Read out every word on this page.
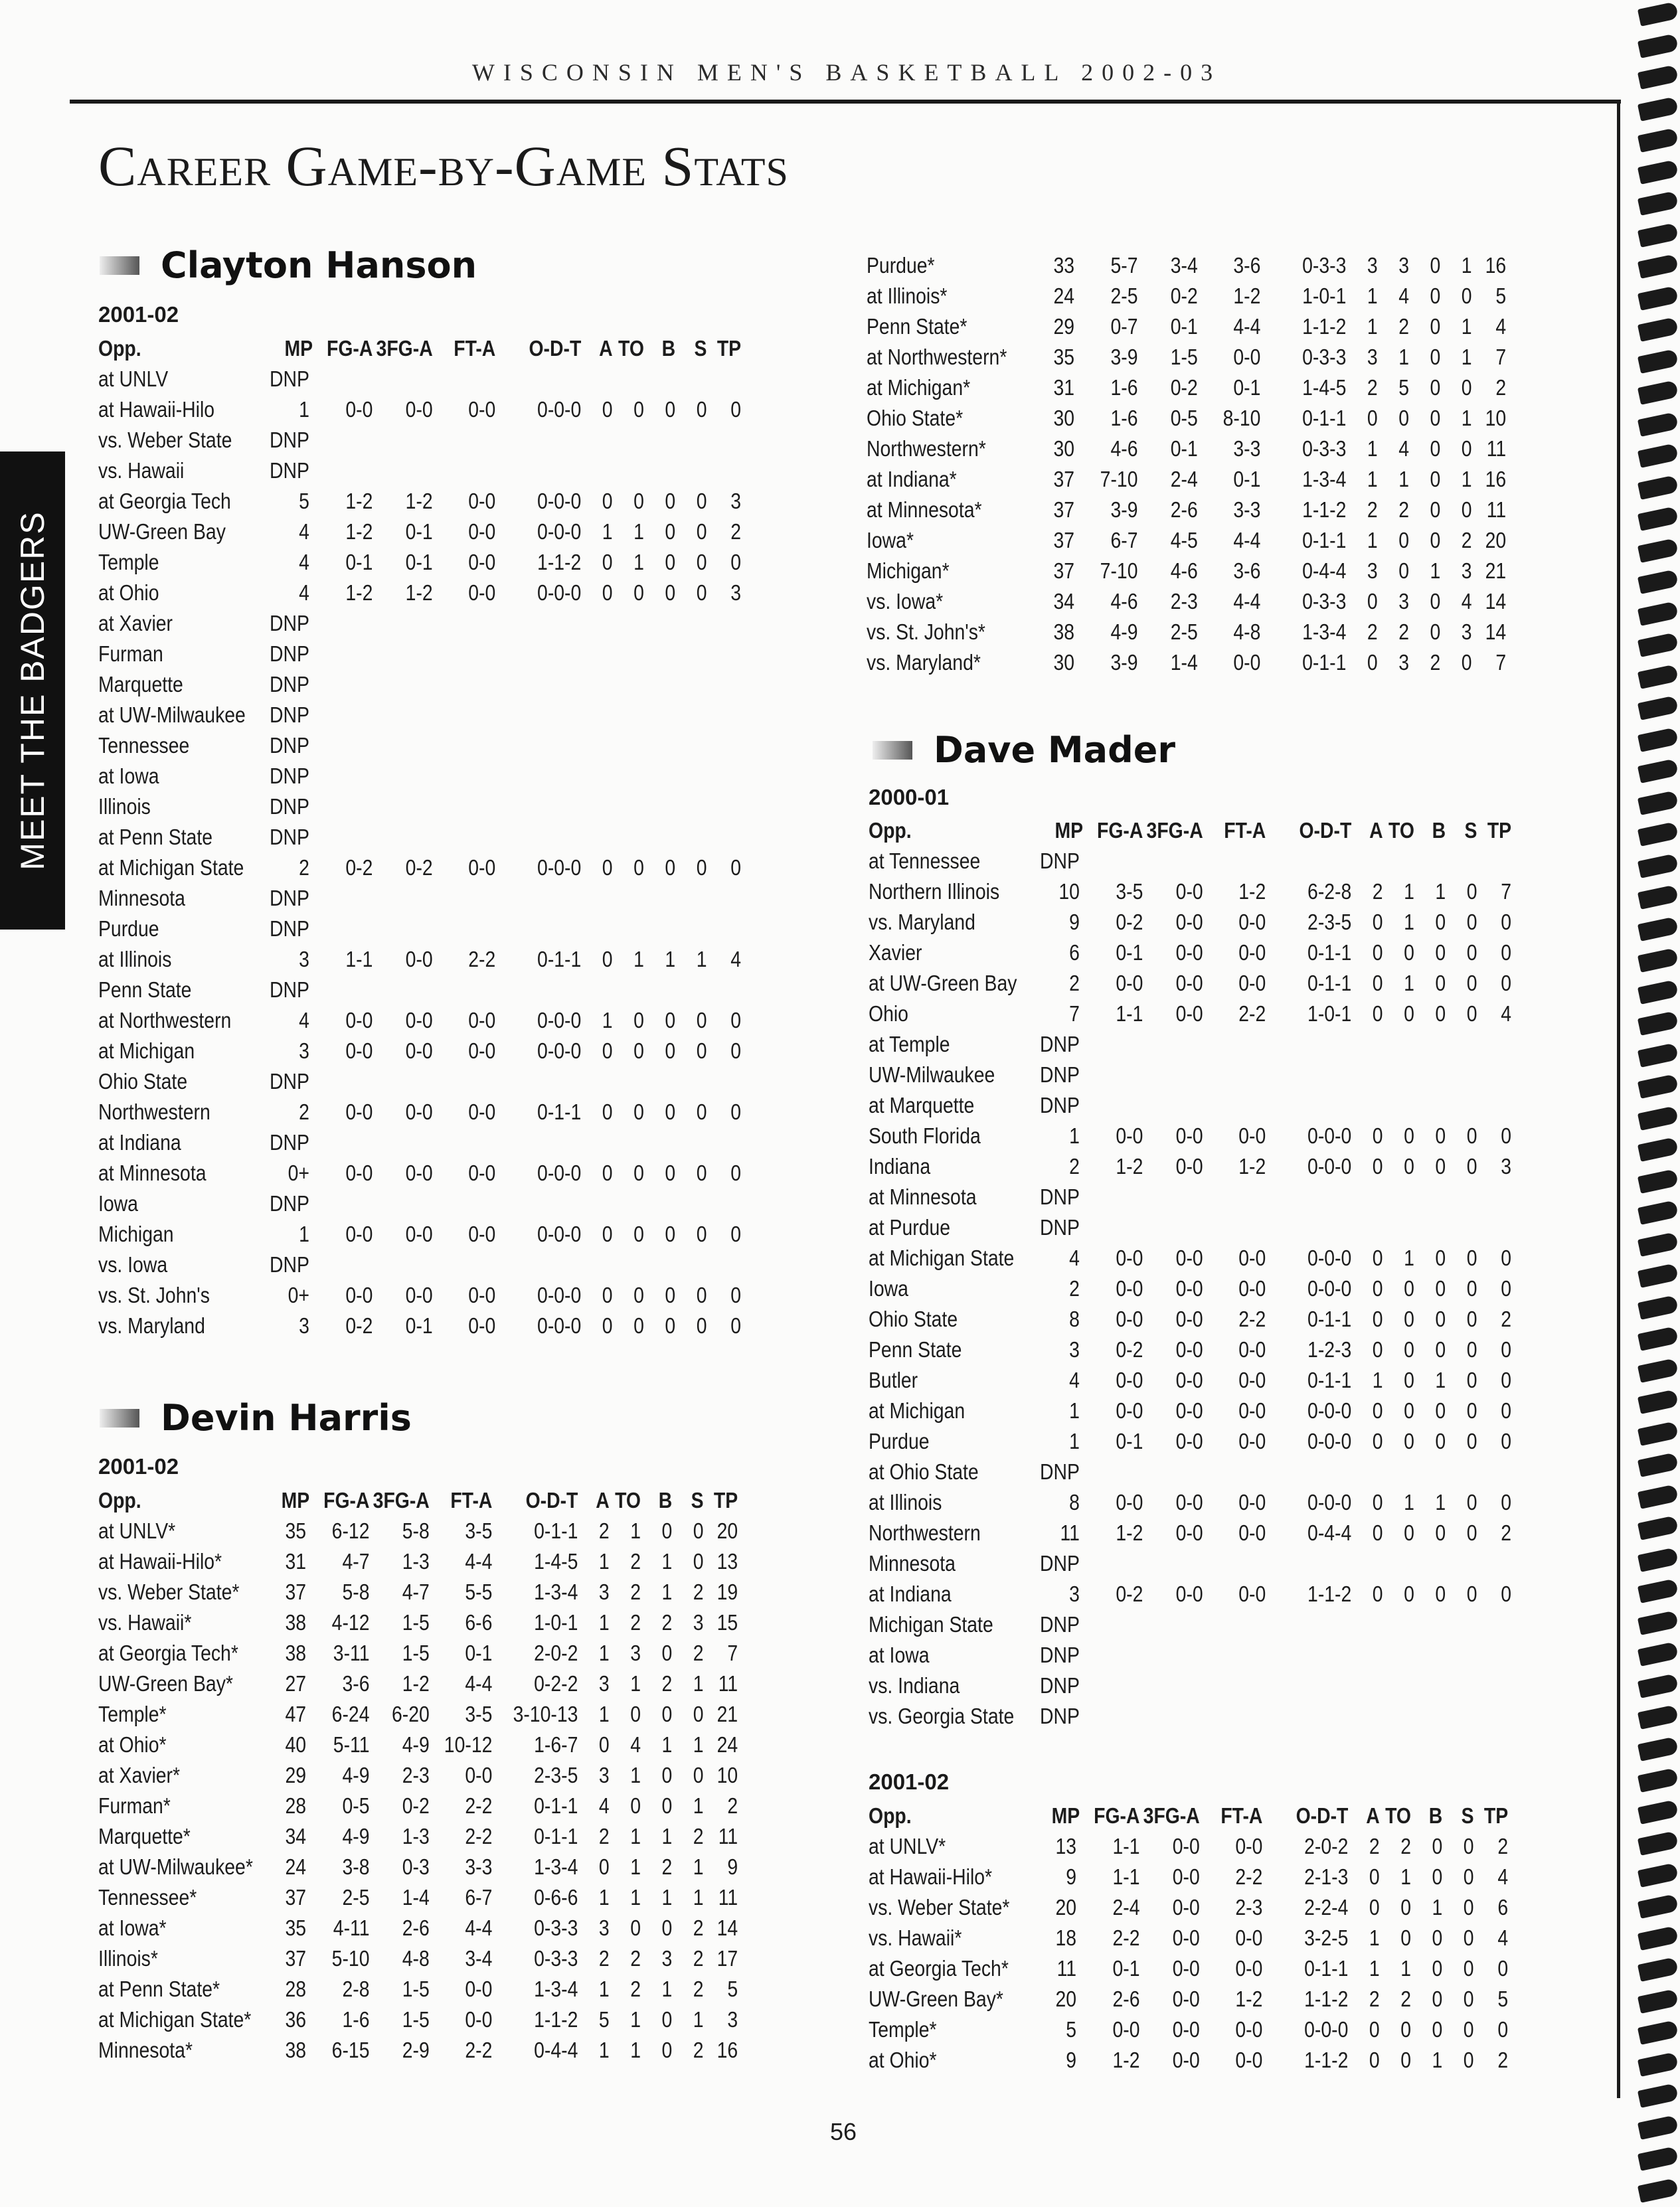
WISCONSIN MEN'S BASKETBALL 2002-03
MEET THE BADGERS
Career Game-by-Game Stats
Clayton Hanson
2001-02
Opp.	MP	FG-A	3FG-A	FT-A	O-D-T	A	TO	B	S	TP
at UNLV	DNP									
at Hawaii-Hilo	1	0-0	0-0	0-0	0-0-0	0	0	0	0	0
vs. Weber State	DNP									
vs. Hawaii	DNP									
at Georgia Tech	5	1-2	1-2	0-0	0-0-0	0	0	0	0	3
UW-Green Bay	4	1-2	0-1	0-0	0-0-0	1	1	0	0	2
Temple	4	0-1	0-1	0-0	1-1-2	0	1	0	0	0
at Ohio	4	1-2	1-2	0-0	0-0-0	0	0	0	0	3
at Xavier	DNP									
Furman	DNP									
Marquette	DNP									
at UW-Milwaukee	DNP									
Tennessee	DNP									
at Iowa	DNP									
Illinois	DNP									
at Penn State	DNP									
at Michigan State	2	0-2	0-2	0-0	0-0-0	0	0	0	0	0
Minnesota	DNP									
Purdue	DNP									
at Illinois	3	1-1	0-0	2-2	0-1-1	0	1	1	1	4
Penn State	DNP									
at Northwestern	4	0-0	0-0	0-0	0-0-0	1	0	0	0	0
at Michigan	3	0-0	0-0	0-0	0-0-0	0	0	0	0	0
Ohio State	DNP									
Northwestern	2	0-0	0-0	0-0	0-1-1	0	0	0	0	0
at Indiana	DNP									
at Minnesota	0+	0-0	0-0	0-0	0-0-0	0	0	0	0	0
Iowa	DNP									
Michigan	1	0-0	0-0	0-0	0-0-0	0	0	0	0	0
vs. Iowa	DNP									
vs. St. John's	0+	0-0	0-0	0-0	0-0-0	0	0	0	0	0
vs. Maryland	3	0-2	0-1	0-0	0-0-0	0	0	0	0	0
Devin Harris
2001-02
Opp.	MP	FG-A	3FG-A	FT-A	O-D-T	A	TO	B	S	TP
at UNLV*	35	6-12	5-8	3-5	0-1-1	2	1	0	0	20
at Hawaii-Hilo*	31	4-7	1-3	4-4	1-4-5	1	2	1	0	13
vs. Weber State*	37	5-8	4-7	5-5	1-3-4	3	2	1	2	19
vs. Hawaii*	38	4-12	1-5	6-6	1-0-1	1	2	2	3	15
at Georgia Tech*	38	3-11	1-5	0-1	2-0-2	1	3	0	2	7
UW-Green Bay*	27	3-6	1-2	4-4	0-2-2	3	1	2	1	11
Temple*	47	6-24	6-20	3-5	3-10-13	1	0	0	0	21
at Ohio*	40	5-11	4-9	10-12	1-6-7	0	4	1	1	24
at Xavier*	29	4-9	2-3	0-0	2-3-5	3	1	0	0	10
Furman*	28	0-5	0-2	2-2	0-1-1	4	0	0	1	2
Marquette*	34	4-9	1-3	2-2	0-1-1	2	1	1	2	11
at UW-Milwaukee*	24	3-8	0-3	3-3	1-3-4	0	1	2	1	9
Tennessee*	37	2-5	1-4	6-7	0-6-6	1	1	1	1	11
at Iowa*	35	4-11	2-6	4-4	0-3-3	3	0	0	2	14
Illinois*	37	5-10	4-8	3-4	0-3-3	2	2	3	2	17
at Penn State*	28	2-8	1-5	0-0	1-3-4	1	2	1	2	5
at Michigan State*	36	1-6	1-5	0-0	1-1-2	5	1	0	1	3
Minnesota*	38	6-15	2-9	2-2	0-4-4	1	1	0	2	16
Purdue*	33	5-7	3-4	3-6	0-3-3	3	3	0	1	16
at Illinois*	24	2-5	0-2	1-2	1-0-1	1	4	0	0	5
Penn State*	29	0-7	0-1	4-4	1-1-2	1	2	0	1	4
at Northwestern*	35	3-9	1-5	0-0	0-3-3	3	1	0	1	7
at Michigan*	31	1-6	0-2	0-1	1-4-5	2	5	0	0	2
Ohio State*	30	1-6	0-5	8-10	0-1-1	0	0	0	1	10
Northwestern*	30	4-6	0-1	3-3	0-3-3	1	4	0	0	11
at Indiana*	37	7-10	2-4	0-1	1-3-4	1	1	0	1	16
at Minnesota*	37	3-9	2-6	3-3	1-1-2	2	2	0	0	11
Iowa*	37	6-7	4-5	4-4	0-1-1	1	0	0	2	20
Michigan*	37	7-10	4-6	3-6	0-4-4	3	0	1	3	21
vs. Iowa*	34	4-6	2-3	4-4	0-3-3	0	3	0	4	14
vs. St. John's*	38	4-9	2-5	4-8	1-3-4	2	2	0	3	14
vs. Maryland*	30	3-9	1-4	0-0	0-1-1	0	3	2	0	7
Dave Mader
2000-01
Opp.	MP	FG-A	3FG-A	FT-A	O-D-T	A	TO	B	S	TP
at Tennessee	DNP									
Northern Illinois	10	3-5	0-0	1-2	6-2-8	2	1	1	0	7
vs. Maryland	9	0-2	0-0	0-0	2-3-5	0	1	0	0	0
Xavier	6	0-1	0-0	0-0	0-1-1	0	0	0	0	0
at UW-Green Bay	2	0-0	0-0	0-0	0-1-1	0	1	0	0	0
Ohio	7	1-1	0-0	2-2	1-0-1	0	0	0	0	4
at Temple	DNP									
UW-Milwaukee	DNP									
at Marquette	DNP									
South Florida	1	0-0	0-0	0-0	0-0-0	0	0	0	0	0
Indiana	2	1-2	0-0	1-2	0-0-0	0	0	0	0	3
at Minnesota	DNP									
at Purdue	DNP									
at Michigan State	4	0-0	0-0	0-0	0-0-0	0	1	0	0	0
Iowa	2	0-0	0-0	0-0	0-0-0	0	0	0	0	0
Ohio State	8	0-0	0-0	2-2	0-1-1	0	0	0	0	2
Penn State	3	0-2	0-0	0-0	1-2-3	0	0	0	0	0
Butler	4	0-0	0-0	0-0	0-1-1	1	0	1	0	0
at Michigan	1	0-0	0-0	0-0	0-0-0	0	0	0	0	0
Purdue	1	0-1	0-0	0-0	0-0-0	0	0	0	0	0
at Ohio State	DNP									
at Illinois	8	0-0	0-0	0-0	0-0-0	0	1	1	0	0
Northwestern	11	1-2	0-0	0-0	0-4-4	0	0	0	0	2
Minnesota	DNP									
at Indiana	3	0-2	0-0	0-0	1-1-2	0	0	0	0	0
Michigan State	DNP									
at Iowa	DNP									
vs. Indiana	DNP									
vs. Georgia State	DNP									
2001-02
Opp.	MP	FG-A	3FG-A	FT-A	O-D-T	A	TO	B	S	TP
at UNLV*	13	1-1	0-0	0-0	2-0-2	2	2	0	0	2
at Hawaii-Hilo*	9	1-1	0-0	2-2	2-1-3	0	1	0	0	4
vs. Weber State*	20	2-4	0-0	2-3	2-2-4	0	0	1	0	6
vs. Hawaii*	18	2-2	0-0	0-0	3-2-5	1	0	0	0	4
at Georgia Tech*	11	0-1	0-0	0-0	0-1-1	1	1	0	0	0
UW-Green Bay*	20	2-6	0-0	1-2	1-1-2	2	2	0	0	5
Temple*	5	0-0	0-0	0-0	0-0-0	0	0	0	0	0
at Ohio*	9	1-2	0-0	0-0	1-1-2	0	0	1	0	2
56
